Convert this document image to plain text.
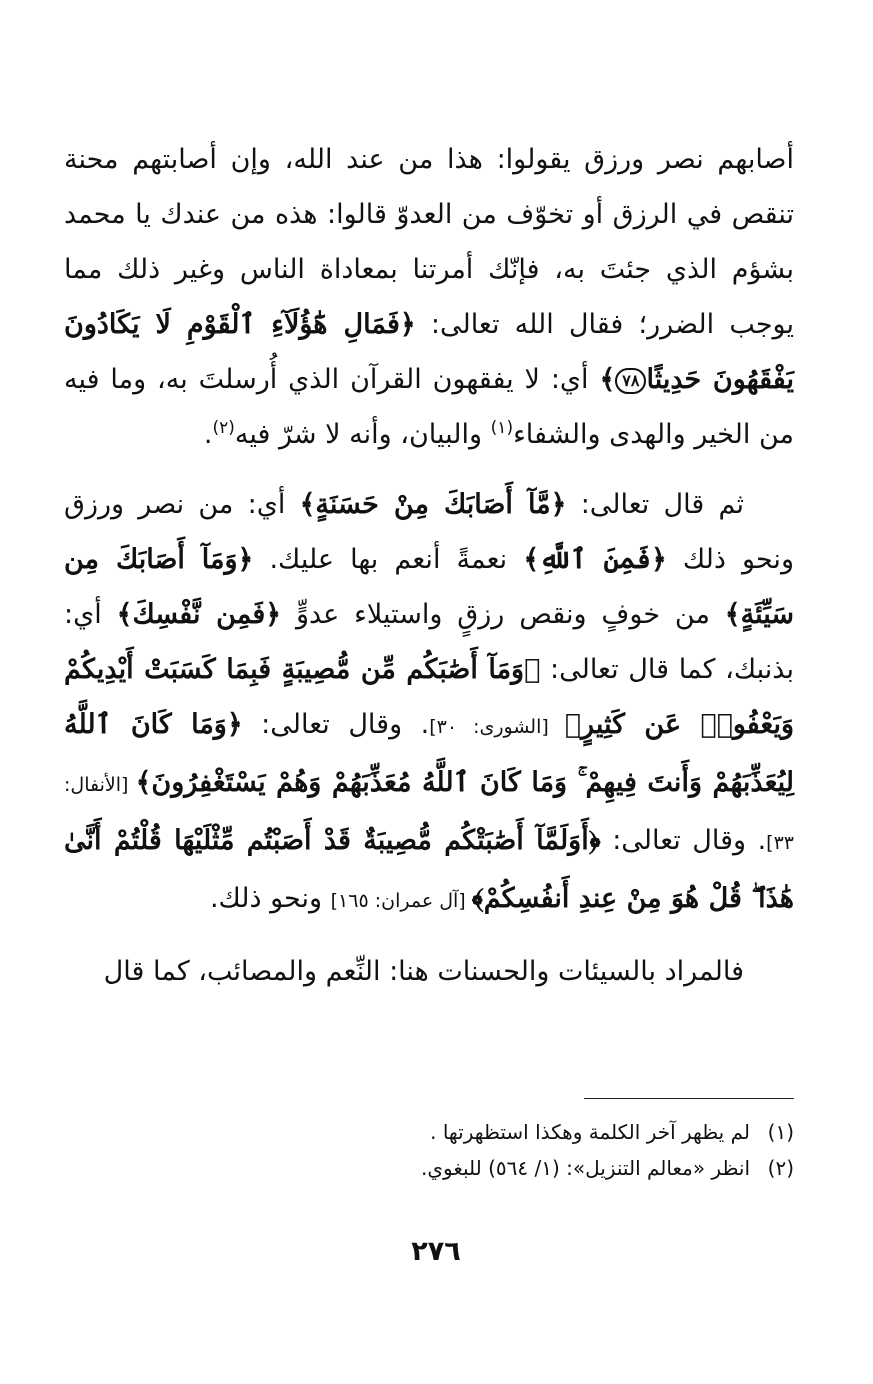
أصابهم نصر ورزق يقولوا: هذا من عند الله، وإن أصابتهم محنة تنقص في الرزق أو تخوّف من العدوّ قالوا: هذه من عندك يا محمد بشؤم الذي جئتَ به، فإنّك أمرتنا بمعاداة الناس وغير ذلك مما يوجب الضرر؛ فقال الله تعالى: ﴿فَمَالِ هَٰٓؤُلَآءِ ٱلْقَوْمِ لَا يَكَادُونَ يَفْقَهُونَ حَدِيثًا٧٨﴾ أي: لا يفقهون القرآن الذي أُرسلتَ به، وما فيه من الخير والهدى والشفاء$^{(١)}$ والبيان، وأنه لا شرّ فيه$^{(٢)}$.

ثم قال تعالى: ﴿مَّآ أَصَابَكَ مِنْ حَسَنَةٍ﴾ أي: من نصر ورزق ونحو ذلك ﴿فَمِنَ ٱللَّهِ﴾ نعمةً أنعم بها عليك. ﴿وَمَآ أَصَابَكَ مِن سَيِّئَةٍ﴾ من خوفٍ ونقص رزقٍ واستيلاء عدوٍّ ﴿فَمِن نَّفْسِكَ﴾ أي: بذنبك، كما قال تعالى: ﴿وَمَآ أَصَٰبَكُم مِّن مُّصِيبَةٍ فَبِمَا كَسَبَتْ أَيْدِيكُمْ وَيَعْفُوا۟ عَن كَثِيرٍ﴾ [الشورى: ٣٠]. وقال تعالى: ﴿وَمَا كَانَ ٱللَّهُ لِيُعَذِّبَهُمْ وَأَنتَ فِيهِمْ ۚ وَمَا كَانَ ٱللَّهُ مُعَذِّبَهُمْ وَهُمْ يَسْتَغْفِرُونَ﴾ [الأنفال: ٣٣]. وقال تعالى: ﴿أَوَلَمَّآ أَصَٰبَتْكُم مُّصِيبَةٌ قَدْ أَصَبْتُم مِّثْلَيْهَا قُلْتُمْ أَنَّىٰ هَٰذَا ۖ قُلْ هُوَ مِنْ عِندِ أَنفُسِكُمْ﴾ [آل عمران: ١٦٥] ونحو ذلك.

فالمراد بالسيئات والحسنات هنا: النِّعم والمصائب، كما قال

(١)لم يظهر آخر الكلمة وهكذا استظهرتها .

(٢)انظر «معالم التنزيل»: (١/ ٥٦٤) للبغوي.

٢٧٦
